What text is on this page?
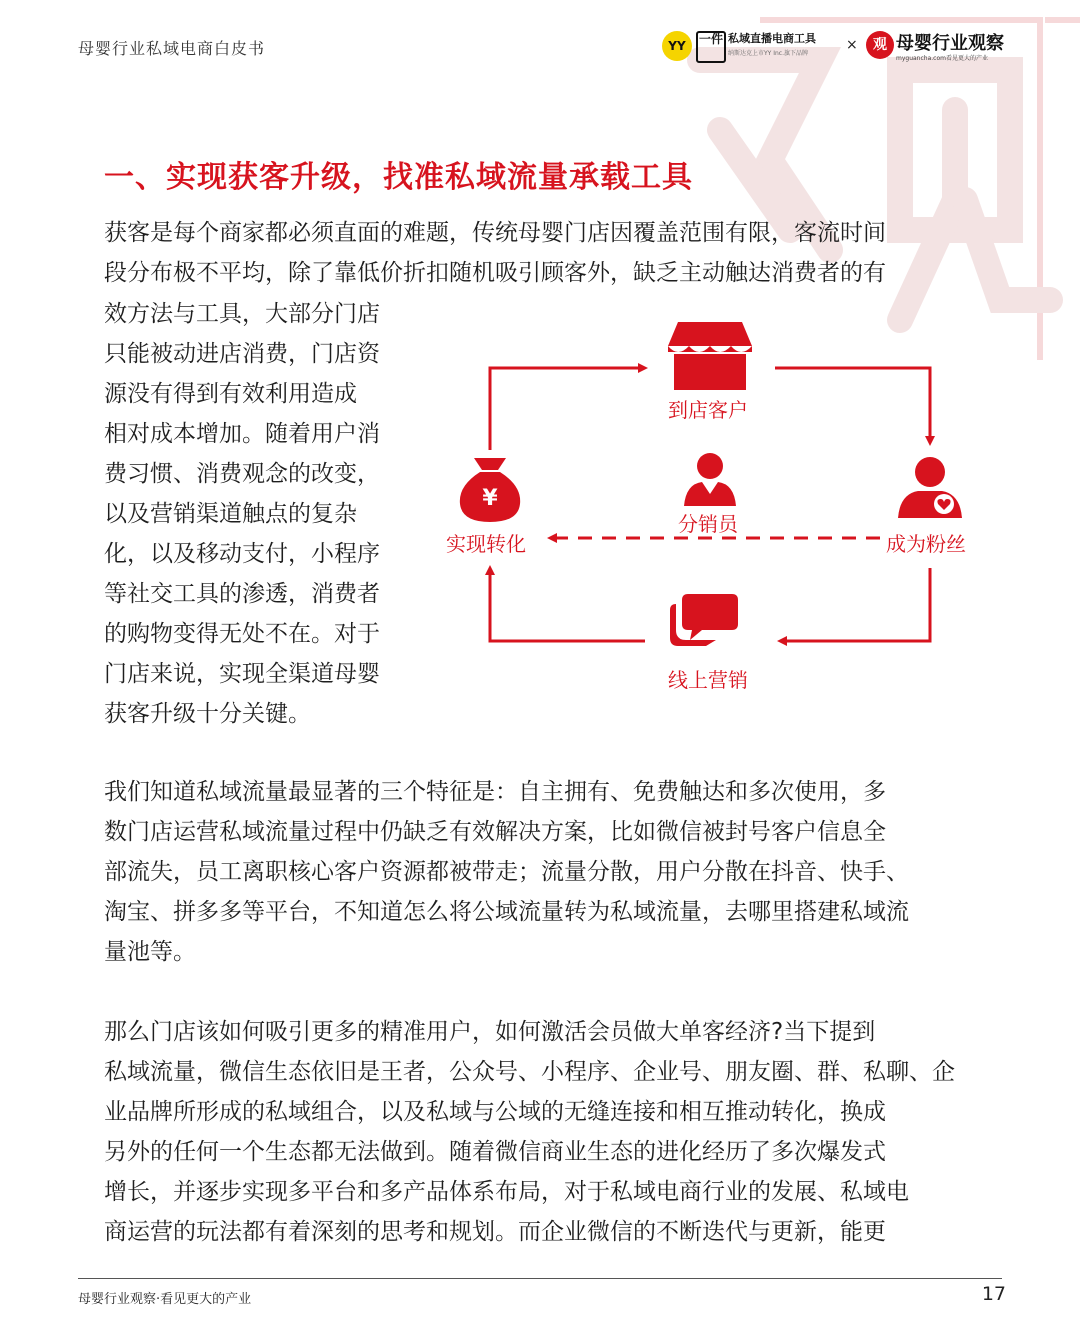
母婴行业私域电商白皮书	YY	一件 私域直播电商工具
纳斯达克上市YY Inc.旗下品牌
×	观 母婴行业观察
myguancha.com看见更大的产业
一、实现获客升级，找准私域流量承载工具
获客是每个商家都必须直面的难题，传统母婴门店因覆盖范围有限，客流时间
段分布极不平均，除了靠低价折扣随机吸引顾客外，缺乏主动触达消费者的有
效方法与工具，大部分门店
只能被动进店消费，门店资
源没有得到有效利用造成
相对成本增加。随着用户消
费习惯、消费观念的改变，
以及营销渠道触点的复杂
化，以及移动支付，小程序
等社交工具的渗透，消费者
的购物变得无处不在。对于
门店来说，实现全渠道母婴
获客升级十分关键。
到店客户
分销员
实现转化	成为粉丝
线上营销
¥
我们知道私域流量最显著的三个特征是：自主拥有、免费触达和多次使用，多
数门店运营私域流量过程中仍缺乏有效解决方案，比如微信被封号客户信息全
部流失，员工离职核心客户资源都被带走；流量分散，用户分散在抖音、快手、
淘宝、拼多多等平台，不知道怎么将公域流量转为私域流量，去哪里搭建私域流
量池等。
那么门店该如何吸引更多的精准用户，如何激活会员做大单客经济?当下提到
私域流量，微信生态依旧是王者，公众号、小程序、企业号、朋友圈、群、私聊、企
业品牌所形成的私域组合，以及私域与公域的无缝连接和相互推动转化，换成
另外的任何一个生态都无法做到。随着微信商业生态的进化经历了多次爆发式
增长，并逐步实现多平台和多产品体系布局，对于私域电商行业的发展、私域电
商运营的玩法都有着深刻的思考和规划。而企业微信的不断迭代与更新，能更
母婴行业观察·看见更大的产业	17
